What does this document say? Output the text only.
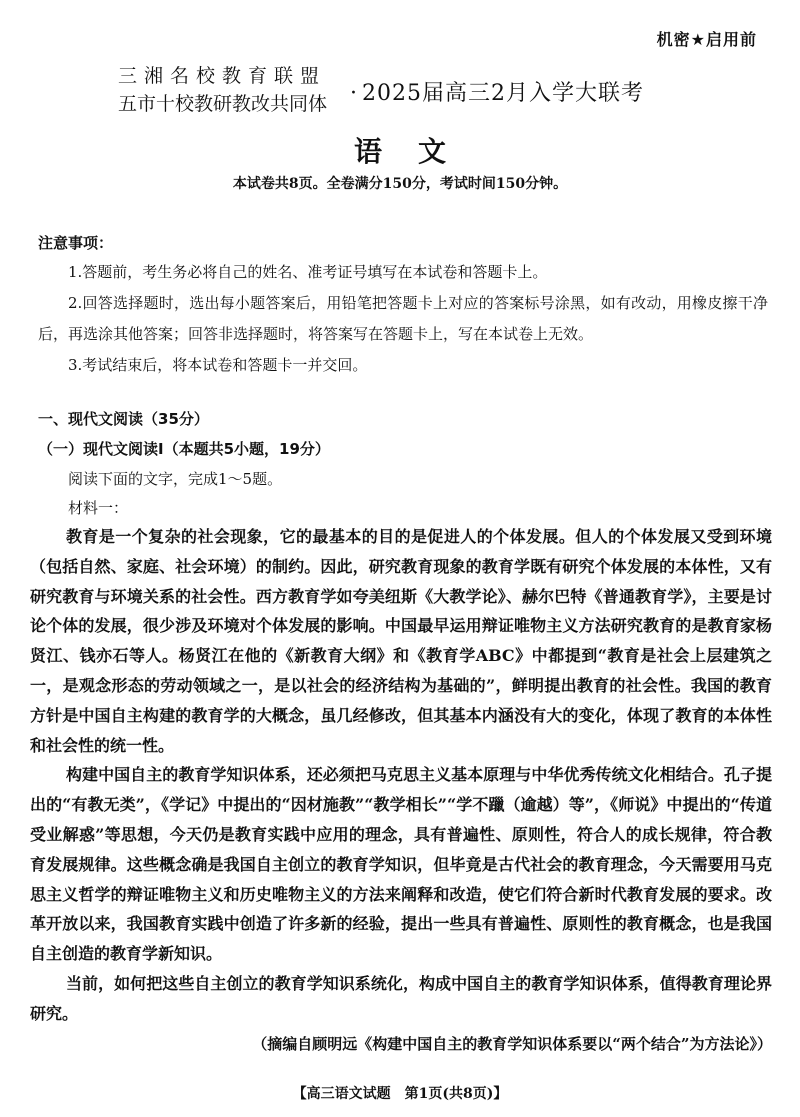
机密★启用前
三湘名校教育联盟
五市十校教研教改共同体 · 2025届高三2月入学大联考
语文
本试卷共8页。全卷满分150分，考试时间150分钟。
注意事项：
1.答题前，考生务必将自己的姓名、准考证号填写在本试卷和答题卡上。
2.回答选择题时，选出每小题答案后，用铅笔把答题卡上对应的答案标号涂黑，如有改动，用橡皮擦干净后，再选涂其他答案；回答非选择题时，将答案写在答题卡上，写在本试卷上无效。
3.考试结束后，将本试卷和答题卡一并交回。
一、现代文阅读（35分）
（一）现代文阅读Ⅰ（本题共5小题，19分）
阅读下面的文字，完成1～5题。
材料一：

教育是一个复杂的社会现象，它的最基本的目的是促进人的个体发展。但人的个体发展又受到环境（包括自然、家庭、社会环境）的制约。因此，研究教育现象的教育学既有研究个体发展的本体性，又有研究教育与环境关系的社会性。西方教育学如夸美纽斯《大教学论》、赫尔巴特《普通教育学》，主要是讨论个体的发展，很少涉及环境对个体发展的影响。中国最早运用辩证唯物主义方法研究教育的是教育家杨贤江、钱亦石等人。杨贤江在他的《新教育大纲》和《教育学ABC》中都提到“教育是社会上层建筑之一，是观念形态的劳动领域之一，是以社会的经济结构为基础的”，鲜明提出教育的社会性。我国的教育方针是中国自主构建的教育学的大概念，虽几经修改，但其基本内涵没有大的变化，体现了教育的本体性和社会性的统一性。

构建中国自主的教育学知识体系，还必须把马克思主义基本原理与中华优秀传统文化相结合。孔子提出的“有教无类”，《学记》中提出的“因材施教”“教学相长”“学不躐（逾越）等”，《师说》中提出的“传道受业解惑”等思想，今天仍是教育实践中应用的理念，具有普遍性、原则性，符合人的成长规律，符合教育发展规律。这些概念确是我国自主创立的教育学知识，但毕竟是古代社会的教育理念，今天需要用马克思主义哲学的辩证唯物主义和历史唯物主义的方法来阐释和改造，使它们符合新时代教育发展的要求。改革开放以来，我国教育实践中创造了许多新的经验，提出一些具有普遍性、原则性的教育概念，也是我国自主创造的教育学新知识。

当前，如何把这些自主创立的教育学知识系统化，构成中国自主的教育学知识体系，值得教育理论界研究。

（摘编自顾明远《构建中国自主的教育学知识体系要以“两个结合”为方法论》）
【高三语文试题　第1页(共8页)】
